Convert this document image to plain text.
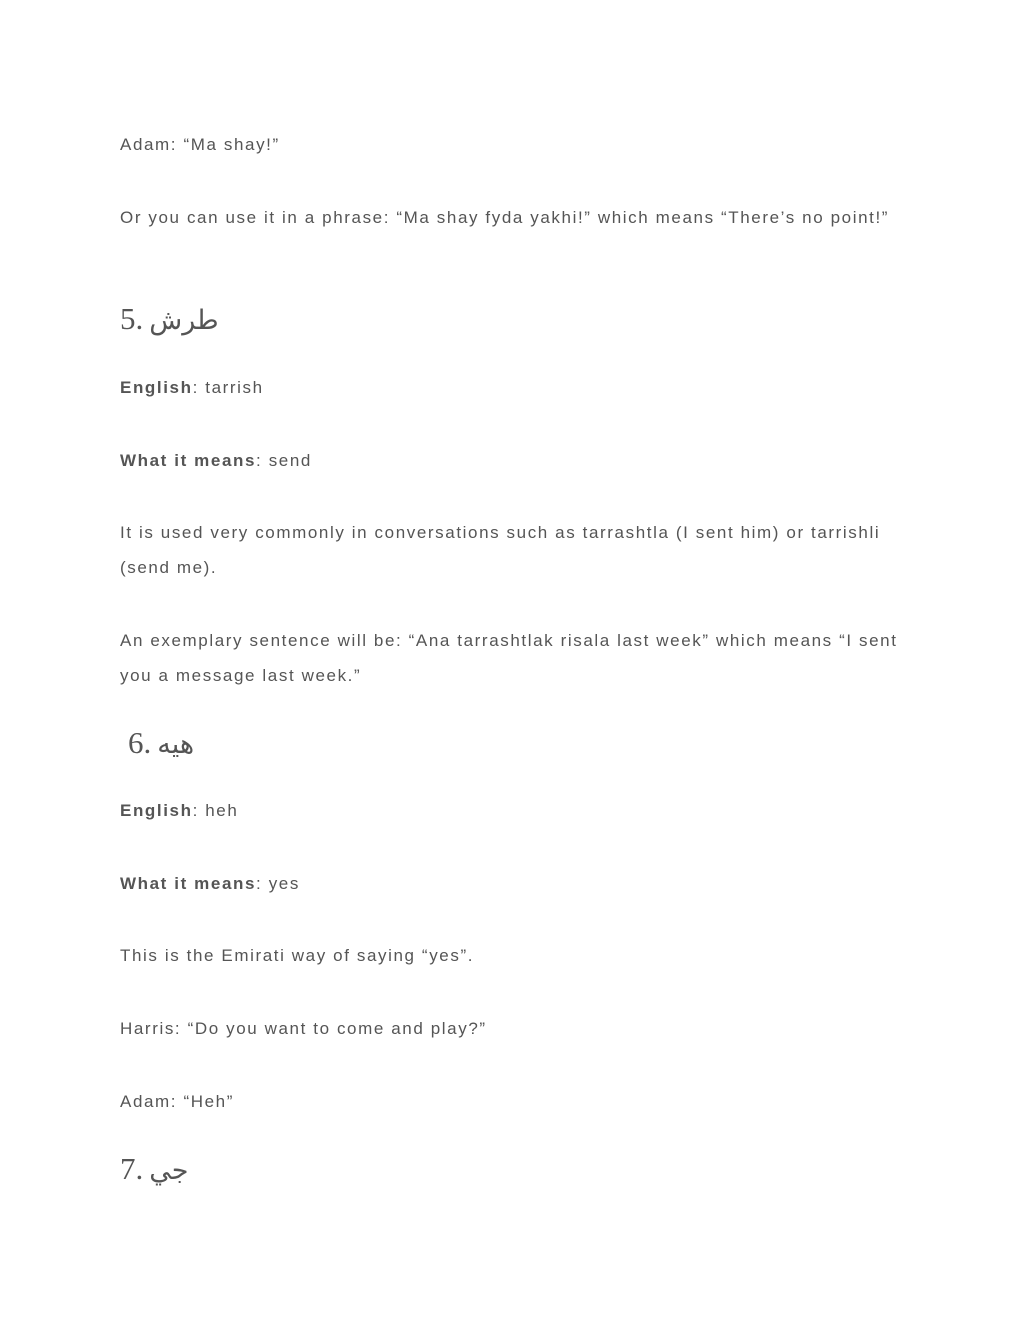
Adam: “Ma shay!”

Or you can use it in a phrase: “Ma shay fyda yakhi!” which means “There’s no point!”

5. طرش

English: tarrish

What it means: send

It is used very commonly in conversations such as tarrashtla (I sent him) or tarrishli (send me).

An exemplary sentence will be: “Ana tarrashtlak risala last week” which means “I sent you a message last week.”

6. هيه

English: heh

What it means: yes

This is the Emirati way of saying “yes”.

Harris: “Do you want to come and play?”

Adam: “Heh”

7. جي
